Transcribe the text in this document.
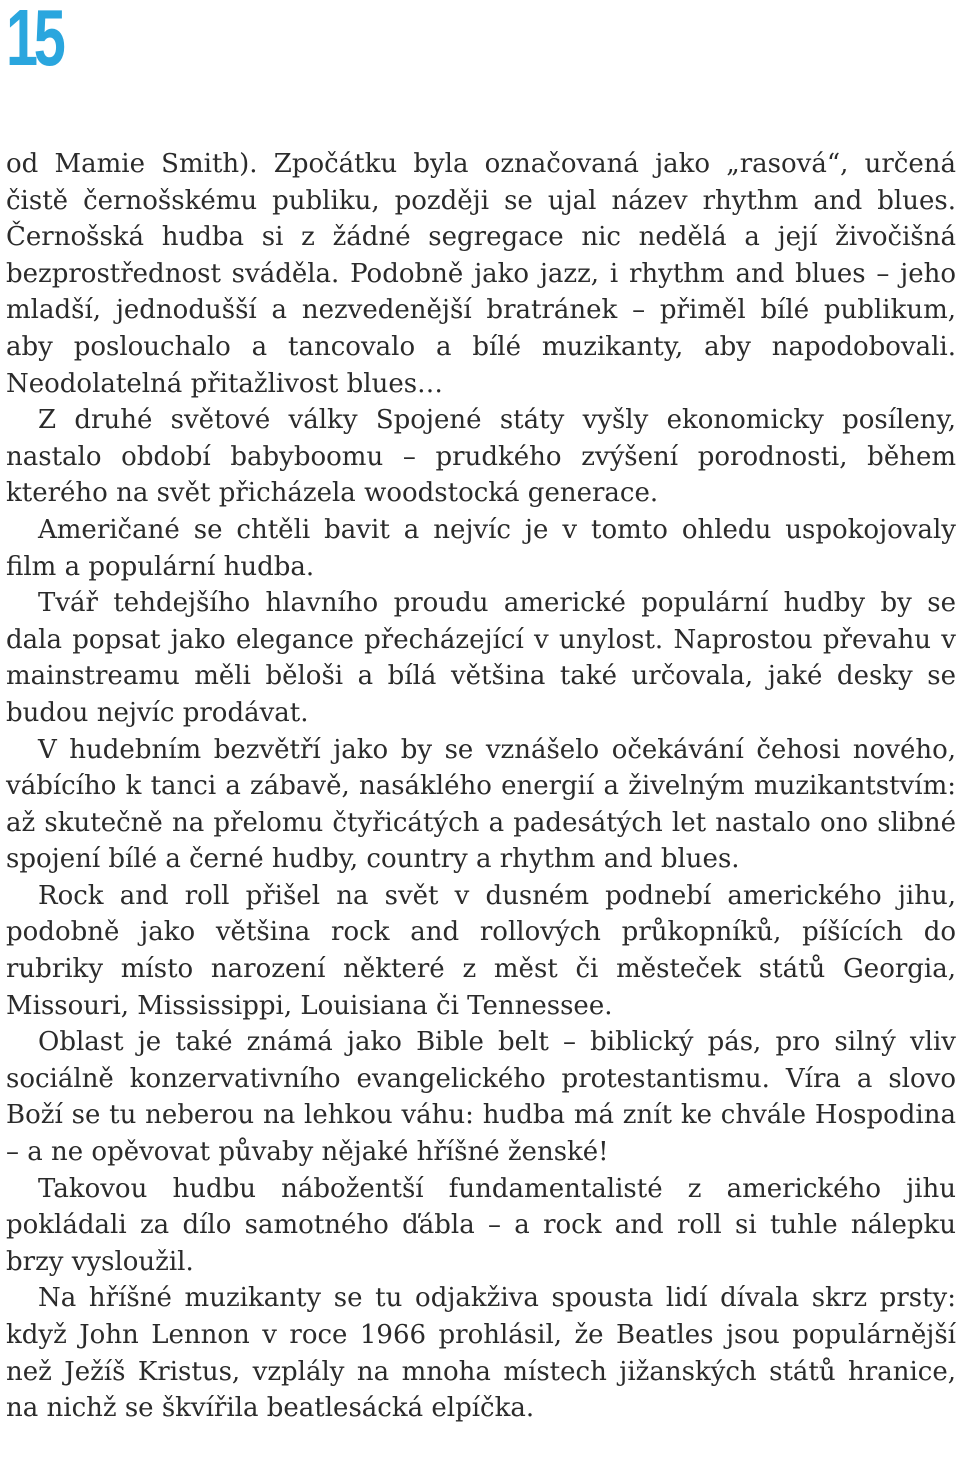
15

od Mamie Smith). Zpočátku byla označovaná jako „rasová“, určená čistě černošskému publiku, později se ujal název rhythm and blues. Černošská hudba si z žádné segregace nic nedělá a její živočišná bezprostřednost svádělа. Podobně jako jazz, i rhythm and blues – jeho mladší, jednodušší a nezvedenější bratránek – přiměl bílé publikum, aby poslouchalo a tancovalo a bílé muzikanty, aby napodobovali. Neodolatelná přitažlivost blues…

Z druhé světové války Spojené státy vyšly ekonomicky posíleny, nastalo období babyboomu – prudkého zvýšení porodnosti, během kterého na svět přicházela woodstocká generace.

Američané se chtěli bavit a nejvíc je v tomto ohledu uspokojovaly film a populární hudba.

Tvář tehdejšího hlavního proudu americké populární hudby by se dala popsat jako elegance přecházející v unylost. Naprostou převahu v mainstreamu měli běloši a bílá většina také určovala, jaké desky se budou nejvíc prodávat.

V hudebním bezvětří jako by se vznášelo očekávání čehosi nového, vábícího k tanci a zábavě, nasáklého energií a živelným muzikantstvím: až skutečně na přelomu čtyřicátých a padesátých let nastalo ono slibné spojení bílé a černé hudby, country a rhythm and blues.

Rock and roll přišel na svět v dusném podnebí amerického jihu, podobně jako většina rock and rollových průkopníků, píšících do rubriky místo narození některé z měst či městeček států Georgia, Missouri, Mississippi, Louisiana či Tennessee.

Oblast je také známá jako Bible belt – biblický pás, pro silný vliv sociálně konzervativního evangelického protestantismu. Víra a slovo Boží se tu neberou na lehkou váhu: hudba má znít ke chvále Hospodina – a ne opěvovat půvaby nějaké hříšné ženské!

Takovou hudbu nábožentší fundamentalisté z amerického jihu pokládali za dílo samotného ďábla – a rock and roll si tuhle nálepku brzy vysloužil.

Na hříšné muzikanty se tu odjakživa spousta lidí dívala skrz prsty: když John Lennon v roce 1966 prohlásil, že Beatles jsou populárnější než Ježíš Kristus, vzplály na mnoha místech jižanských států hranice, na nichž se škvířila beatlesácká elpíčka.
